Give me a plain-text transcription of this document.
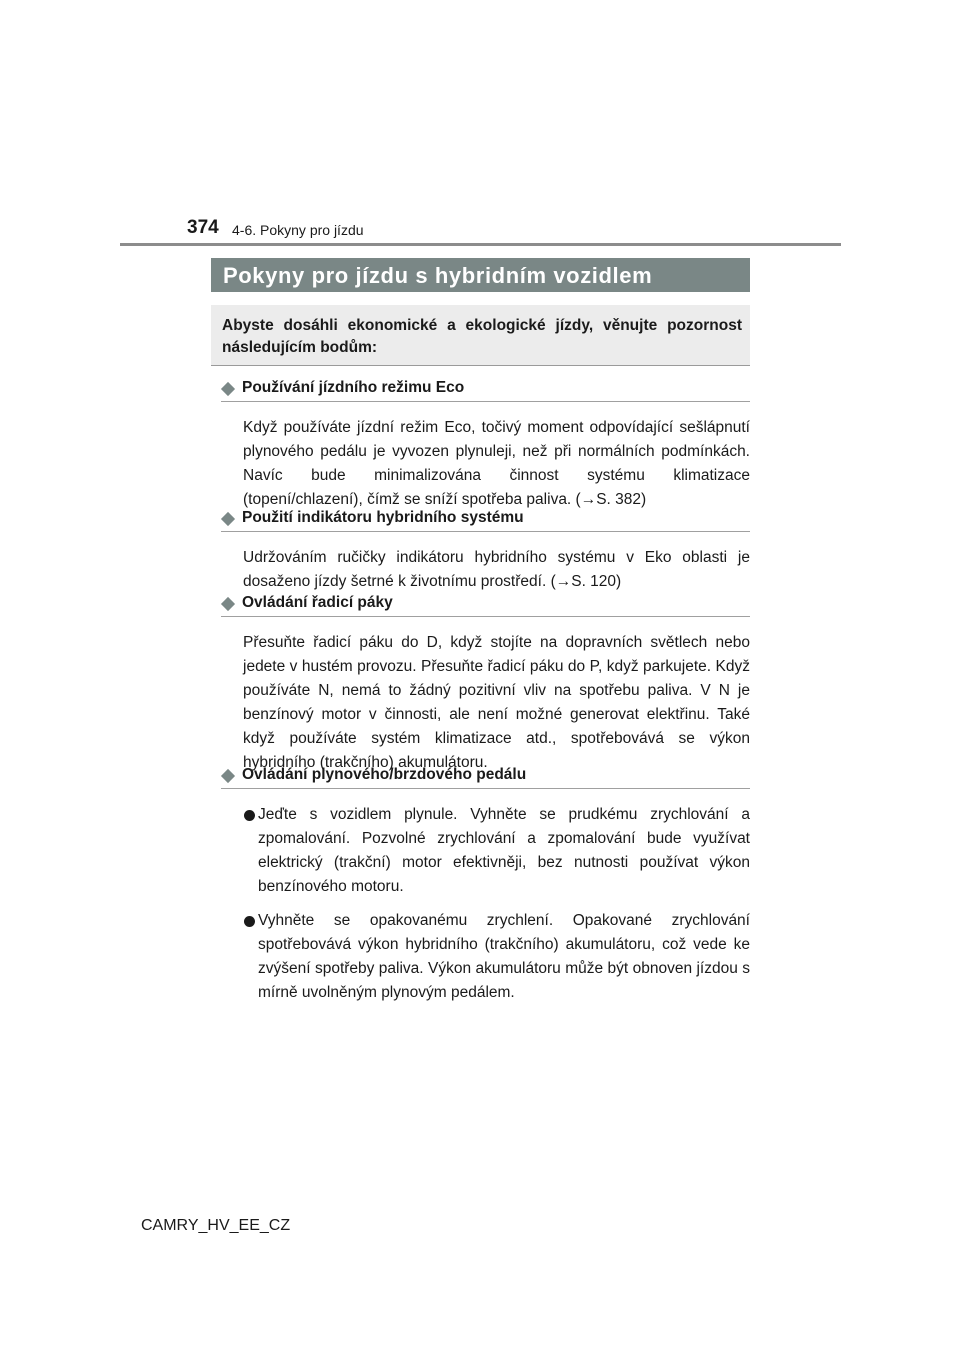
374 4-6. Pokyny pro jízdu
Pokyny pro jízdu s hybridním vozidlem
Abyste dosáhli ekonomické a ekologické jízdy, věnujte pozornost následujícím bodům:
Používání jízdního režimu Eco
Když používáte jízdní režim Eco, točivý moment odpovídající sešlápnutí plynového pedálu je vyvozen plynuleji, než při normálních podmínkách. Navíc bude minimalizována činnost systému klimatizace (topení/chlazení), čímž se sníží spotřeba paliva. (→S. 382)
Použití indikátoru hybridního systému
Udržováním ručičky indikátoru hybridního systému v Eko oblasti je dosaženo jízdy šetrné k životnímu prostředí. (→S. 120)
Ovládání řadicí páky
Přesuňte řadicí páku do D, když stojíte na dopravních světlech nebo jedete v hustém provozu. Přesuňte řadicí páku do P, když parkujete. Když používáte N, nemá to žádný pozitivní vliv na spotřebu paliva. V N je benzínový motor v činnosti, ale není možné generovat elektřinu. Také když používáte systém klimatizace atd., spotřebovává se výkon hybridního (trakčního) akumulátoru.
Ovládání plynového/brzdového pedálu
Jeďte s vozidlem plynule. Vyhněte se prudkému zrychlování a zpomalování. Pozvolné zrychlování a zpomalování bude využívat elektrický (trakční) motor efektivněji, bez nutnosti používat výkon benzínového motoru.
Vyhněte se opakovanému zrychlení. Opakované zrychlování spotřebovává výkon hybridního (trakčního) akumulátoru, což vede ke zvýšení spotřeby paliva. Výkon akumulátoru může být obnoven jízdou s mírně uvolněným plynovým pedálem.
CAMRY_HV_EE_CZ
